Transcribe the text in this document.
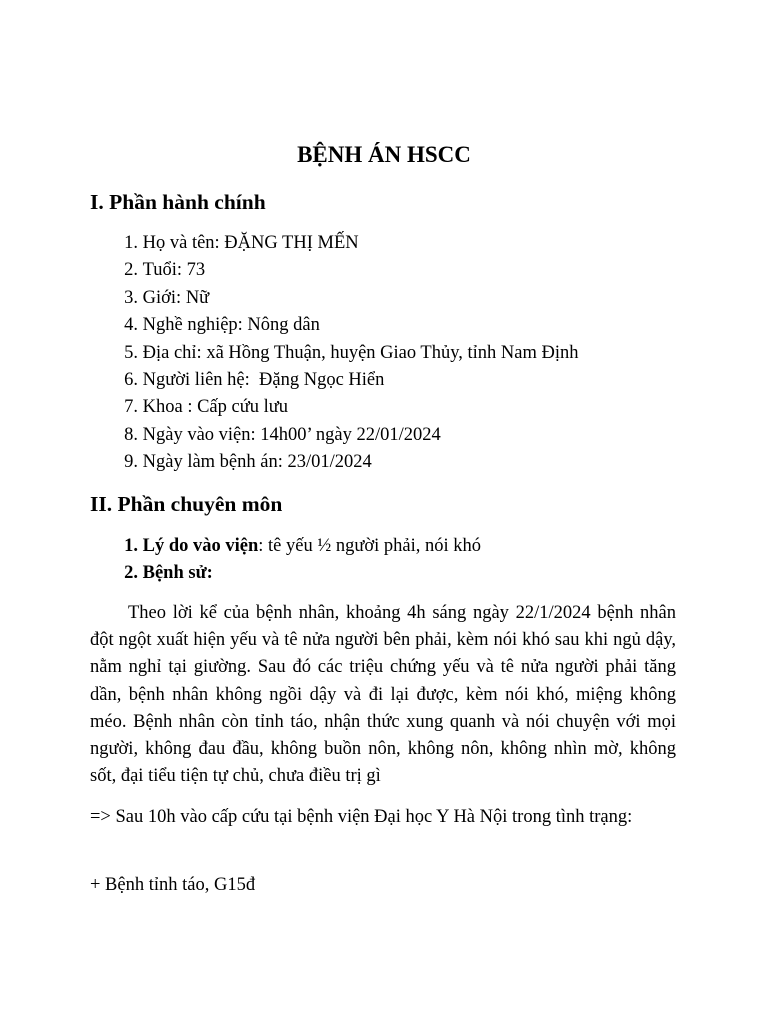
BỆNH ÁN HSCC
I. Phần hành chính
1.
Họ và tên: ĐẶNG THỊ MẾN
2.
Tuổi: 73
3.
Giới: Nữ
4.
Nghề nghiệp: Nông dân
5.
Địa chỉ: xã Hồng Thuận, huyện Giao Thủy, tỉnh Nam Định
6.
Người liên hệ:  Đặng Ngọc Hiển
7.
Khoa : Cấp cứu lưu
8.
Ngày vào viện: 14h00’ ngày 22/01/2024
9.
Ngày làm bệnh án: 23/01/2024
II. Phần chuyên môn
1.
Lý do vào viện: tê yếu ½ người phải, nói khó
2.
Bệnh sử:

Theo lời kể của bệnh nhân, khoảng 4h sáng ngày 22/1/2024 bệnh nhân đột ngột xuất hiện yếu và tê nửa người bên phải, kèm nói khó sau khi ngủ dậy, nằm nghỉ tại giường. Sau đó các triệu chứng yếu và tê nửa người phải tăng dần, bệnh nhân không ngồi dậy và đi lại được, kèm nói khó, miệng không méo. Bệnh nhân còn tỉnh táo, nhận thức xung quanh và nói chuyện với mọi người, không đau đầu, không buồn nôn, không nôn, không nhìn mờ, không sốt, đại tiểu tiện tự chủ, chưa điều trị gì

=> Sau 10h vào cấp cứu tại bệnh viện Đại học Y Hà Nội trong tình trạng:

+ Bệnh tỉnh táo, G15đ
